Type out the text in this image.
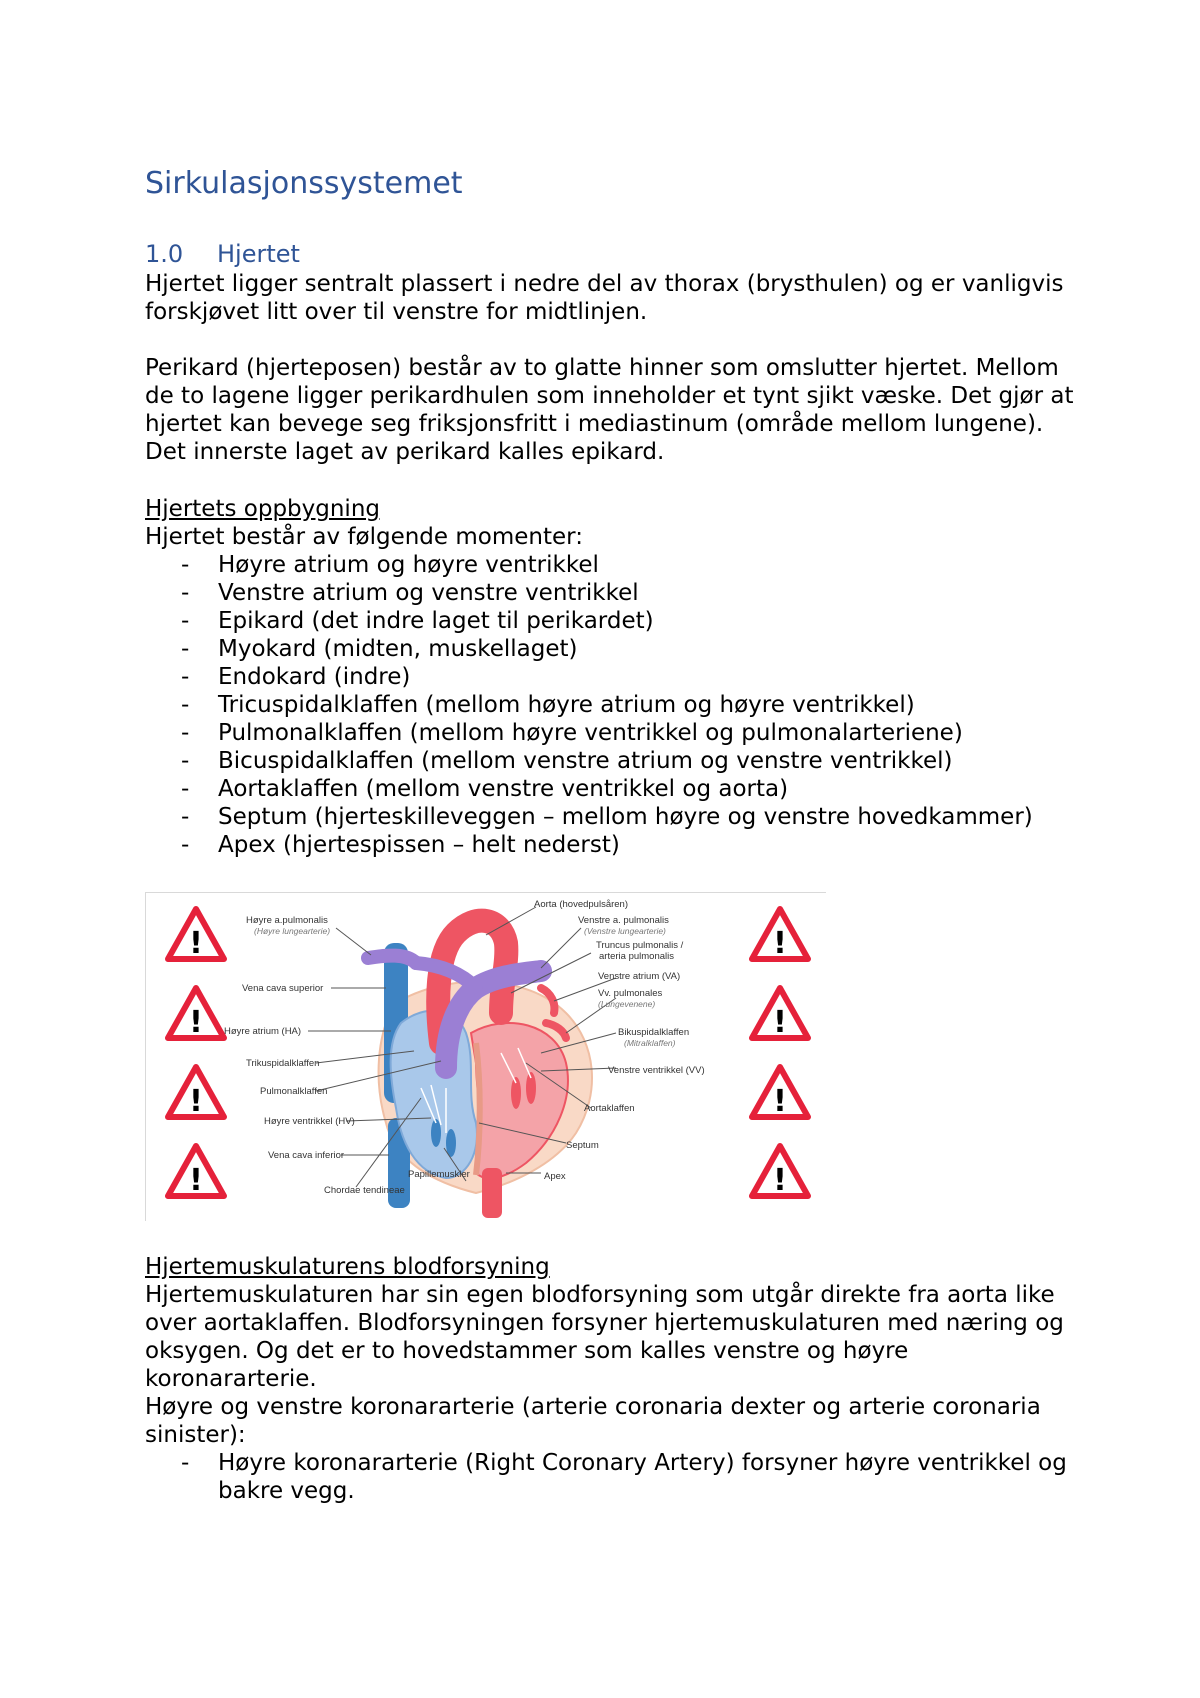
Sirkulasjonssystemet
1.0 Hjertet

Hjertet ligger sentralt plassert i nedre del av thorax (brysthulen) og er vanligvis forskjøvet litt over til venstre for midtlinjen.

Perikard (hjerteposen) består av to glatte hinner som omslutter hjertet. Mellom de to lagene ligger perikardhulen som inneholder et tynt sjikt væske. Det gjør at hjertet kan bevege seg friksjonsfritt i mediastinum (område mellom lungene). Det innerste laget av perikard kalles epikard.

Hjertets oppbygning

Hjertet består av følgende momenter:

- Høyre atrium og høyre ventrikkel
- Venstre atrium og venstre ventrikkel
- Epikard (det indre laget til perikardet)
- Myokard (midten, muskellaget)
- Endokard (indre)
- Tricuspidalklaffen (mellom høyre atrium og høyre ventrikkel)
- Pulmonalklaffen (mellom høyre ventrikkel og pulmonalarteriene)
- Bicuspidalklaffen (mellom venstre atrium og venstre ventrikkel)
- Aortaklaffen (mellom venstre ventrikkel og aorta)
- Septum (hjerteskilleveggen – mellom høyre og venstre hovedkammer)
- Apex (hjertespissen – helt nederst)
!
!
!
!
!
!
!
!
Høyre a.pulmonalis
(Høyre lungearterie)
Vena cava superior
Høyre atrium (HA)
Trikuspidalklaffen
Pulmonalklaffen
Høyre ventrikkel (HV)
Vena cava inferior
Chordae tendineae
Papillemuskler
Aorta (hovedpulsåren)
Venstre a. pulmonalis
(Venstre lungearterie)
Truncus pulmonalis /
arteria pulmonalis
Venstre atrium (VA)
Vv. pulmonales
(Lungevenene)
Bikuspidalklaffen
(Mitralklaffen)
Venstre ventrikkel (VV)
Aortaklaffen
Septum
Apex

Hjertemuskulaturens blodforsyning

Hjertemuskulaturen har sin egen blodforsyning som utgår direkte fra aorta like over aortaklaffen. Blodforsyningen forsyner hjertemuskulaturen med næring og oksygen. Og det er to hovedstammer som kalles venstre og høyre koronararterie.

Høyre og venstre koronararterie (arterie coronaria dexter og arterie coronaria sinister):

- Høyre koronararterie (Right Coronary Artery) forsyner høyre ventrikkel og bakre vegg.
